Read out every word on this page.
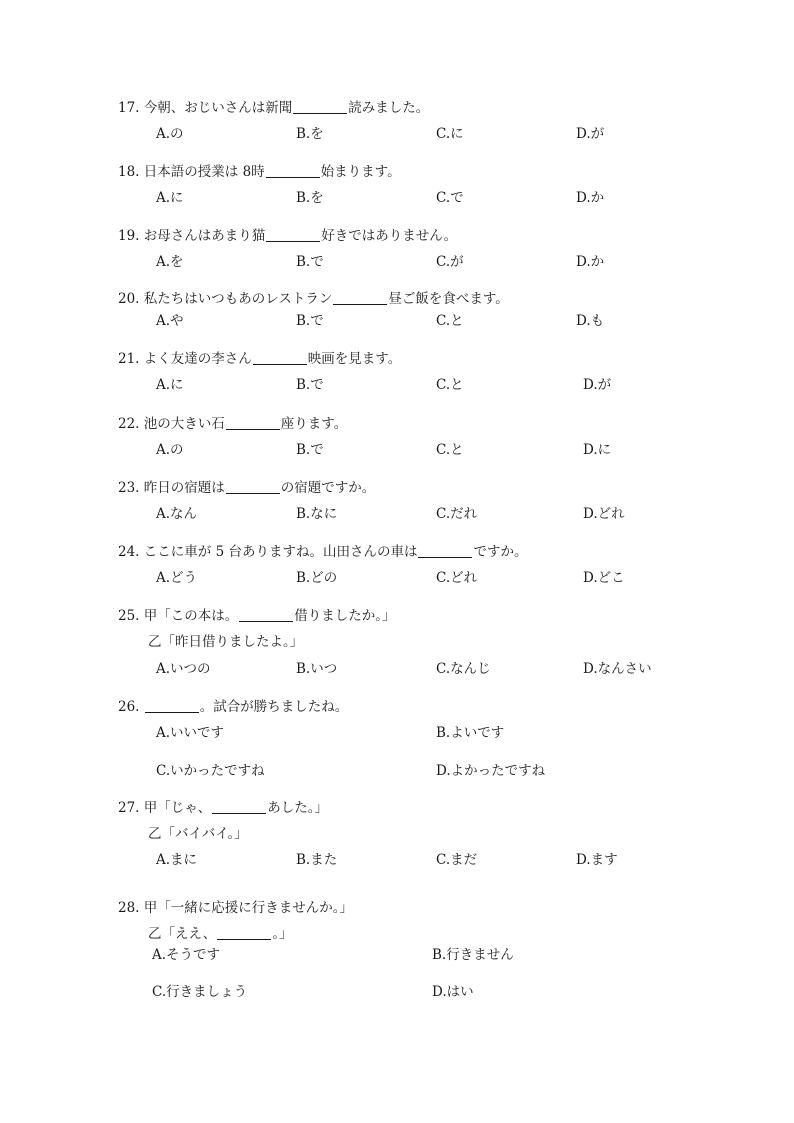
17. 今朝、おじいさんは新聞	読みました。
A.の	B.を	C.に	D.が
18. 日本語の授業は 8時	始まります。
A.に	B.を	C.で	D.か
19. お母さんはあまり猫	好きではありません。
A.を	B.で	C.が	D.か
20. 私たちはいつもあのレストラン	昼ご飯を食べます。
A.や	B.で	C.と	D.も
21. よく友達の李さん	映画を見ます。
A.に	B.で	C.と	D.が
22. 池の大きい石	座ります。
A.の	B.で	C.と	D.に
23. 昨日の宿題は	の宿題ですか。
A.なん	B.なに	C.だれ	D.どれ
24. ここに車が 5 台ありますね。山田さんの車は	ですか。
A.どう	B.どの	C.どれ	D.どこ
25. 甲「この本は。	借りましたか。」
乙「昨日借りましたよ。」
A.いつの	B.いつ	C.なんじ	D.なんさい
26.	。試合が勝ちましたね。
A.いいです	B.よいです
C.いかったですね	D.よかったですね
27. 甲「じゃ、	あした。」
乙「バイバイ。」
A.まに	B.また	C.まだ	D.ます
28. 甲「一緒に応援に行きませんか。」
乙「ええ、	。」
A.そうです	B.行きません
C.行きましょう	D.はい
